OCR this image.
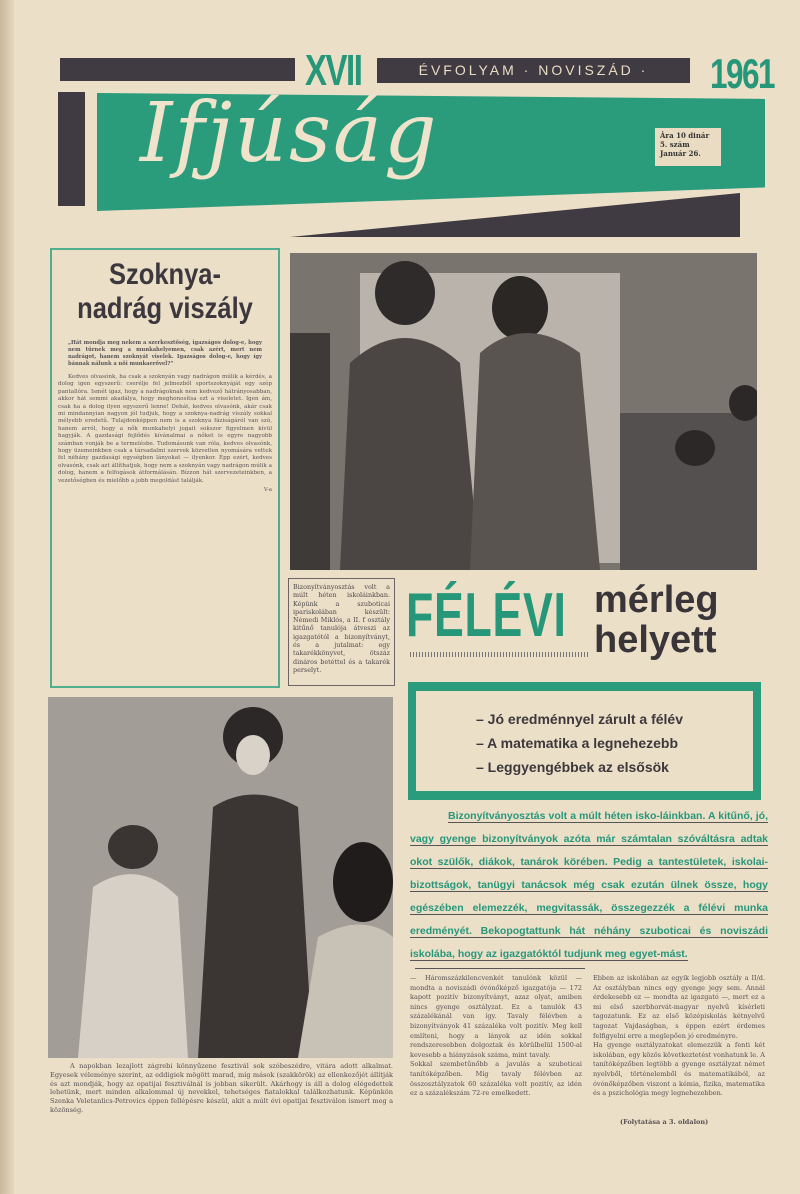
XVII	ÉVFOLYAM · NOVISZÁD ·	1961
Ifjúság	Ára 10 dinár
5. szám
Január 26.
Szoknya-nadrág viszály

„Hát mondja meg nekem a szerkesztőség, igazságos dolog-e, hogy nem tűrnek meg a munkahelyemen, csak azért, mert nem nadrágot, hanem szoknyát viselek. Igazságos dolog-e, hogy így bánnak nálunk a női munkaerővel?”

Kedves olvasónk, ha csak a szoknyán vagy nadrágon múlik a kérdés, a dolog igen egyszerű: cserélje fel jelmezből sportszoknyáját egy szép pantallóra. Ismét igaz, hogy a nadrágoknak nem kedvező hátrányosabban, akkor hát semmi akadálya, hogy meghonosítsa ezt a viseletet. Igen ám, csak ha a dolog ilyen egyszerű lenne! Dehát, kedves olvasónk, akár csak mi mindannyian nagyon jól tudjuk, hogy a szoknya-nadrág viszály sokkal mélyebb eredetű. Tulajdonképpen nem is a szoknya fáziságáról van szó, hanem arról, hogy a nők munkahelyi jogait sokszor figyelmen kívül hagyják. A gazdasági fejlődés kívánalmai a nőket is egyre nagyobb számban vonják be a termelésbe. Tudomásunk van róla, kedves olvasónk, hogy üzemeinkben csak a társadalmi szervek közvetlen nyomására vettek fel néhány gazdasági egységben lányokat — ilyenkor. Épp ezért, kedves olvasónk, csak azt állíthatjuk, hogy nem a szoknyán vagy nadrágon múlik a dolog, hanem a felfogások átformálásán. Bízzon hát szervezeteinkben, a vezetőségben és mielőbb a jobb megoldást találják.

V-a

Bizonyítványosztás volt a múlt héten iskoláinkban. Képünk a szuboticai ipariskolában készült: Némedi Miklós, a II. f osztály kitűnő tanulója átveszi az igazgatótól a bizonyítványt, és a jutalmat: egy takarékkönyvet, ötszáz dináros betéttel és a takarék perselyt.
FÉLÉVI mérleg
helyett
– Jó eredménnyel zárult a félév
– A matematika a legnehezebb
– Leggyengébbek az elsősök

Bizonyítványosztás volt a múlt héten isko-láinkban. A kitűnő, jó, vagy gyenge bizonyítványok azóta már számtalan szóváltásra adtak okot szülők, diákok, tanárok körében. Pedig a tantestületek, iskolai-bizottságok, tanügyi tanácsok még csak ezután ülnek össze, hogy egészében elemezzék, megvitassák, összegezzék a félévi munka eredményét. Bekopogtattunk hát néhány szuboticai és noviszádi iskolába, hogy az igazgatóktól tudjunk meg egyet-mást.

— Háromszázkilencvenkét tanulónk közül — mondta a noviszádi óvónőképző igazgatója — 172 kapott pozitív bizonyítványt, azaz olyat, amiben nincs gyenge osztályzat. Ez a tanulók 43 százalékánál van így. Tavaly félévben a bizonyítványok 41 százaléka volt pozitív. Meg kell említeni, hogy a lányok az idén sokkal rendszeresebben dolgoztak és körülbelül 1500-al kevesebb a hiányzások száma, mint tavaly.
Sokkal szembetűnőbb a javulás a szuboticai tanítóképzőben. Míg tavaly félévben az összosztályzatok 60 százaléka volt pozitív, az idén ez a százalékszám 72-re emelkedett.

Ebben az iskolában az egyik legjobb osztály a II/d. Az osztályban nincs egy gyenge jegy sem. Annál érdekesebb ez — mondta az igazgató —, mert ez a mi első szerbhorvát-magyar nyelvű kísérleti tagozatunk. Ez az első középiskolás kétnyelvű tagozat Vajdaságban, s éppen ezért érdemes felfigyelni erre a meglepően jó eredményre.
Ha gyenge osztályzatokat elemezzük a fenti két iskolában, egy közös következtetést vonhatunk le. A tanítóképzőben legtöbb a gyenge osztályzat német nyelvből, történelemből és matematikából, az óvónőképzőben viszont a kémia, fizika, matematika és a pszichológia megy legnehezebben.

(Folytatása a 3. oldalon)

A napokban lezajlott zágrebi könnyűzene fesztivál sok szóbeszédre, vitára adott alkalmat. Egyesek véleménye szerint, az eddigiek mögött marad, míg mások (szakkörök) az ellenkezőjét állítják és azt mondják, hogy az opatijai fesztiválnál is jobban sikerült. Akárhogy is áll a dolog elégedettek lehetünk, mert minden alkalommal új nevekkel, tehetséges fiatalokkal találkozhatunk. Képünkön Szenka Veletanlics-Petrovics éppen fellépésre készül, akit a múlt évi opatijai fesztiválon ismert meg a közönség.
